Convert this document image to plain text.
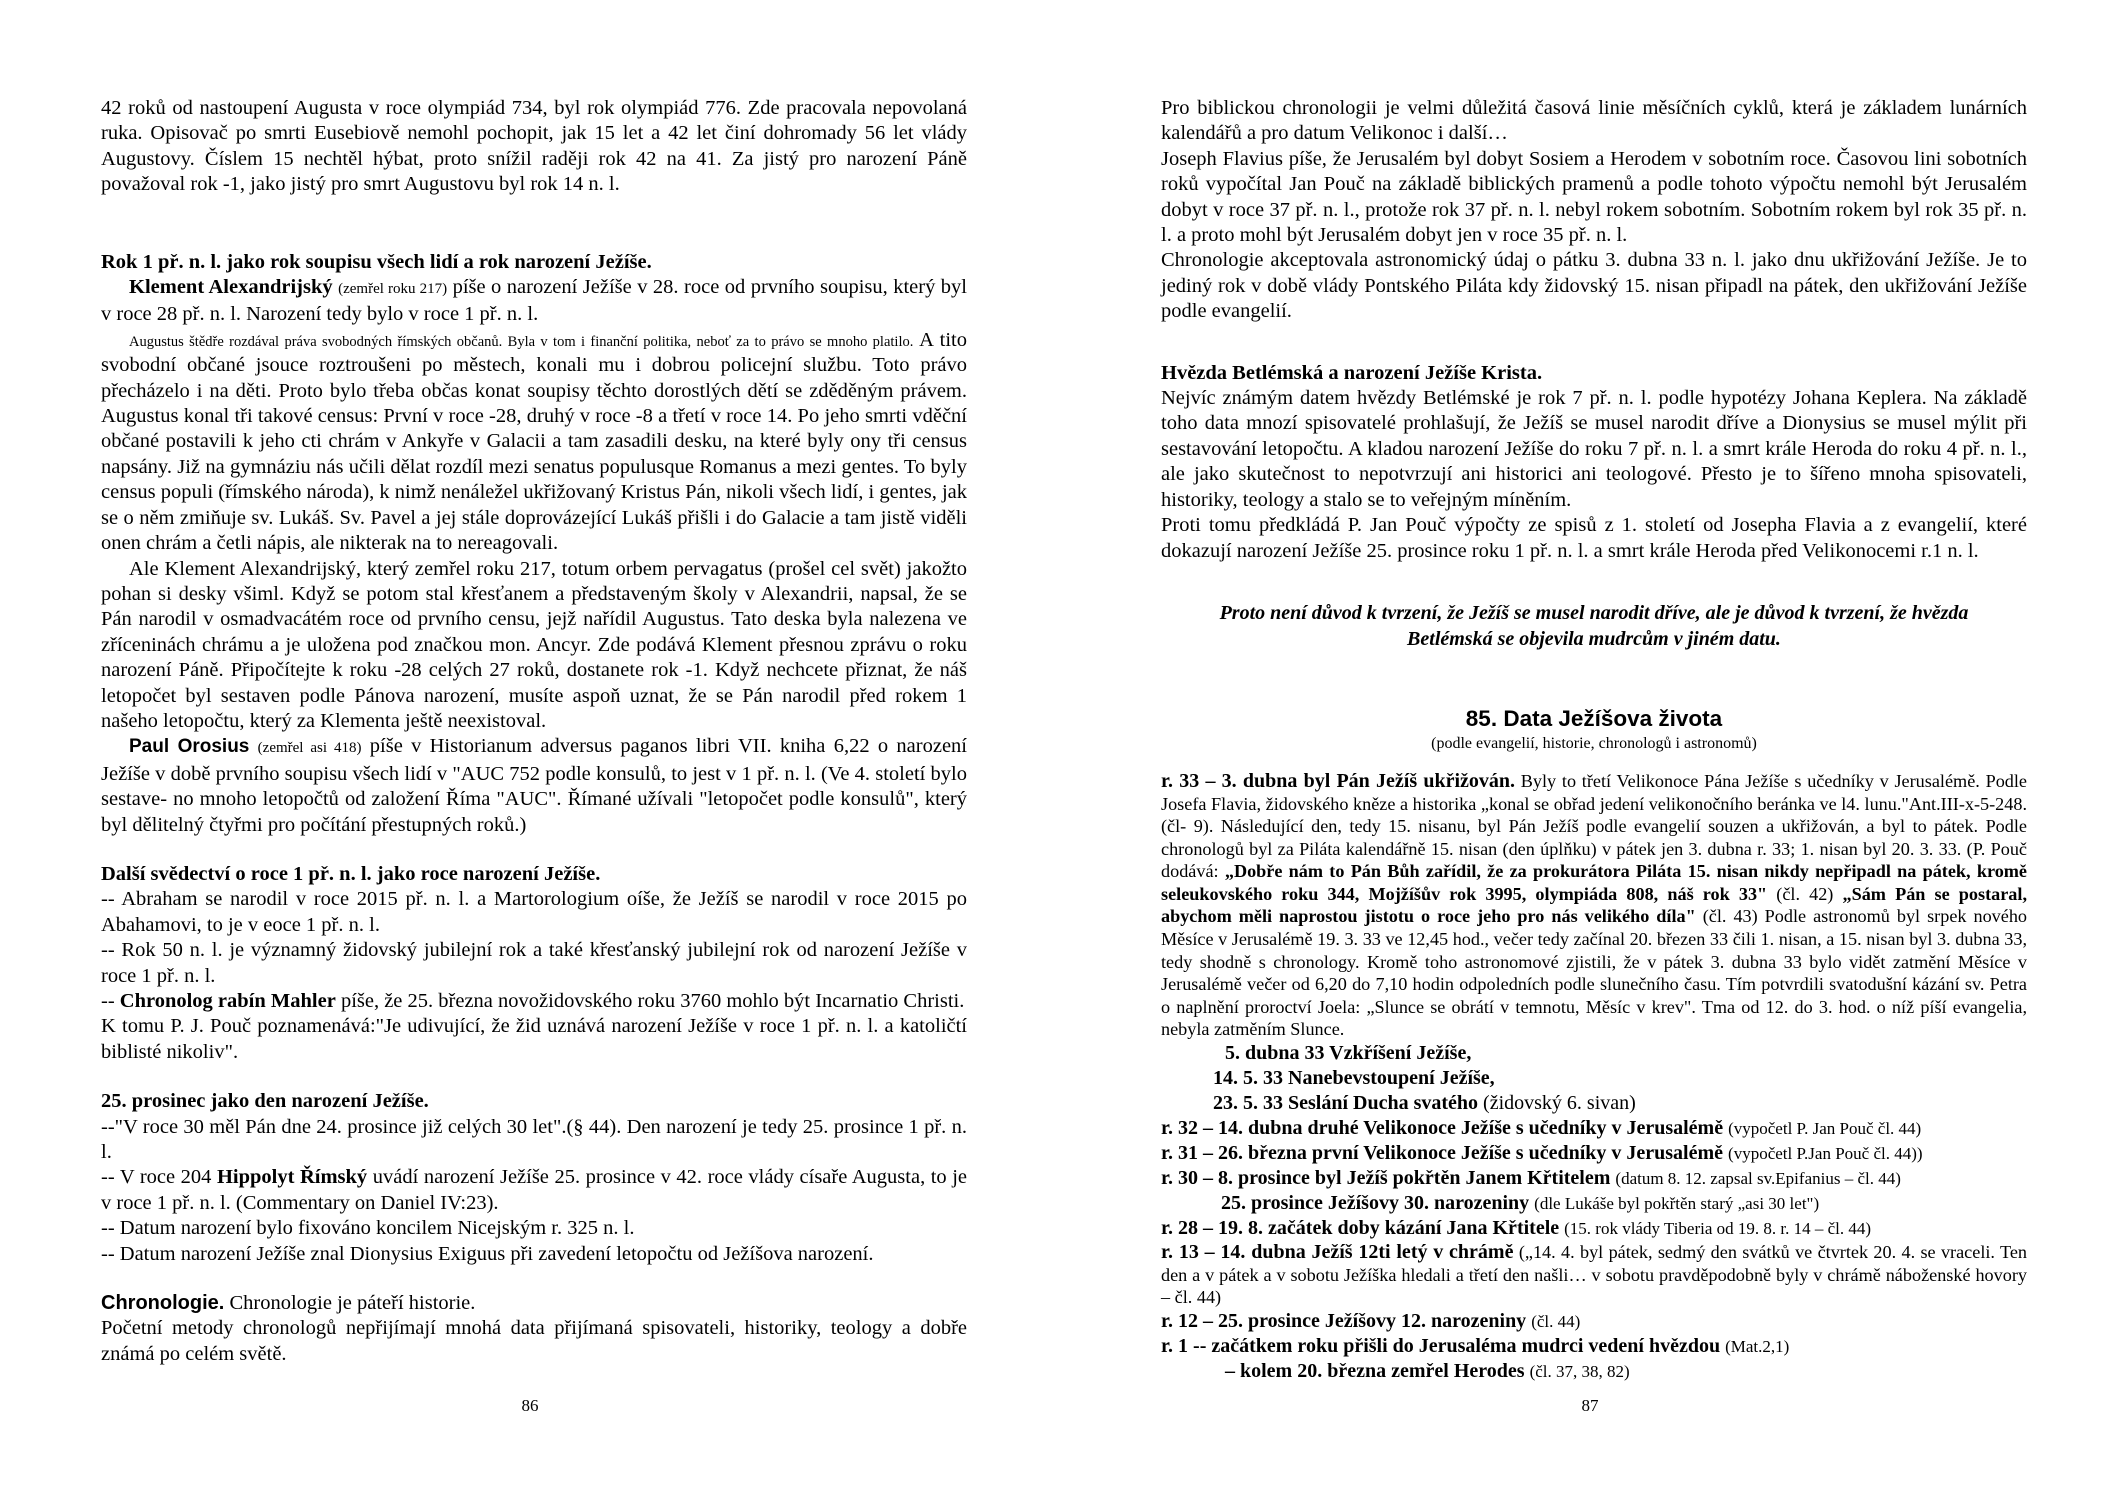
42 roků od nastoupení Augusta v roce olympiád 734, byl rok olympiád 776. Zde pracovala nepovolaná ruka. Opisovač po smrti Eusebiově nemohl pochopit, jak 15 let a 42 let činí dohromady 56 let vlády Augustovy. Číslem 15 nechtěl hýbat, proto snížil raději rok 42 na 41. Za jistý pro narození Páně považoval rok -1, jako jistý pro smrt Augustovu byl rok 14 n. l.

Rok 1 př. n. l. jako rok soupisu všech lidí a rok narození Ježíše.

Klement Alexandrijský (zemřel roku 217) píše o narození Ježíše v 28. roce od prvního soupisu, který byl v roce 28 př. n. l. Narození tedy bylo v roce 1 př. n. l.

Augustus štědře rozdával práva svobodných římských občanů. Byla v tom i finanční politika, neboť za to právo se mnoho platilo. A tito svobodní občané jsouce roztroušeni po městech, konali mu i dobrou policejní službu. Toto právo přecházelo i na děti. Proto bylo třeba občas konat soupisy těchto dorostlých dětí se zděděným právem. Augustus konal tři takové census: První v roce -28, druhý v roce -8 a třetí v roce 14. Po jeho smrti vděční občané postavili k jeho cti chrám v Ankyře v Galacii a tam zasadili desku, na které byly ony tři census napsány. Již na gymnáziu nás učili dělat rozdíl mezi senatus populusque Romanus a mezi gentes. To byly census populi (římského národa), k nimž nenáležel ukřižovaný Kristus Pán, nikoli všech lidí, i gentes, jak se o něm zmiňuje sv. Lukáš. Sv. Pavel a jej stále doprovázející Lukáš přišli i do Galacie a tam jistě viděli onen chrám a četli nápis, ale nikterak na to nereagovali.

Ale Klement Alexandrijský, který zemřel roku 217, totum orbem pervagatus (prošel cel svět) jakožto pohan si desky všiml. Když se potom stal křesťanem a představeným školy v Alexandrii, napsal, že se Pán narodil v osmadvacátém roce od prvního censu, jejž nařídil Augustus. Tato deska byla nalezena ve zříceninách chrámu a je uložena pod značkou mon. Ancyr. Zde podává Klement přesnou zprávu o roku narození Páně. Připočítejte k roku -28 celých 27 roků, dostanete rok -1. Když nechcete přiznat, že náš letopočet byl sestaven podle Pánova narození, musíte aspoň uznat, že se Pán narodil před rokem 1 našeho letopočtu, který za Klementa ještě neexistoval.

Paul Orosius (zemřel asi 418) píše v Historianum adversus paganos libri VII. kniha 6,22 o narození Ježíše v době prvního soupisu všech lidí v "AUC 752 podle konsulů, to jest v 1 př. n. l. (Ve 4. století bylo sestave- no mnoho letopočtů od založení Říma "AUC". Římané užívali "letopočet podle konsulů", který byl dělitelný čtyřmi pro počítání přestupných roků.)

Další svědectví o roce 1 př. n. l. jako roce narození Ježíše.

-- Abraham se narodil v roce 2015 př. n. l. a Martorologium oíše, že Ježíš se narodil v roce 2015 po Abahamovi, to je v eoce 1 př. n. l.

-- Rok 50 n. l. je významný židovský jubilejní rok a také křesťanský jubilejní rok od narození Ježíše v roce 1 př. n. l.

-- Chronolog rabín Mahler píše, že 25. března novožidovského roku 3760 mohlo být Incarnatio Christi.

K tomu P. J. Pouč poznamenává:"Je udivující, že žid uznává narození Ježíše v roce 1 př. n. l. a katoličtí biblisté nikoliv".

25. prosinec jako den narození Ježíše.

--"V roce 30 měl Pán dne 24. prosince již celých 30 let".(§ 44). Den narození je tedy 25. prosince 1 př. n. l.

-- V roce 204 Hippolyt Římský uvádí narození Ježíše 25. prosince v 42. roce vlády císaře Augusta, to je v roce 1 př. n. l. (Commentary on Daniel IV:23).

-- Datum narození bylo fixováno koncilem Nicejským r. 325 n. l.

-- Datum narození Ježíše znal Dionysius Exiguus při zavedení letopočtu od Ježíšova narození.

Chronologie. Chronologie je páteří historie.

Početní metody chronologů nepřijímají mnohá data přijímaná spisovateli, historiky, teology a dobře známá po celém světě.

86

Pro biblickou chronologii je velmi důležitá časová linie měsíčních cyklů, která je základem lunárních kalendářů a pro datum Velikonoc i další…

Joseph Flavius píše, že Jerusalém byl dobyt Sosiem a Herodem v sobotním roce. Časovou lini sobotních roků vypočítal Jan Pouč na základě biblických pramenů a podle tohoto výpočtu nemohl být Jerusalém dobyt v roce 37 př. n. l., protože rok 37 př. n. l. nebyl rokem sobotním. Sobotním rokem byl rok 35 př. n. l. a proto mohl být Jerusalém dobyt jen v roce 35 př. n. l.

Chronologie akceptovala astronomický údaj o pátku 3. dubna 33 n. l. jako dnu ukřižování Ježíše. Je to jediný rok v době vlády Pontského Piláta kdy židovský 15. nisan připadl na pátek, den ukřižování Ježíše podle evangelií.

Hvězda Betlémská a narození Ježíše Krista.

Nejvíc známým datem hvězdy Betlémské je rok 7 př. n. l. podle hypotézy Johana Keplera. Na základě toho data mnozí spisovatelé prohlašují, že Ježíš se musel narodit dříve a Dionysius se musel mýlit při sestavování letopočtu. A kladou narození Ježíše do roku 7 př. n. l. a smrt krále Heroda do roku 4 př. n. l., ale jako skutečnost to nepotvrzují ani historici ani teologové. Přesto je to šířeno mnoha spisovateli, historiky, teology a stalo se to veřejným míněním.

Proti tomu předkládá P. Jan Pouč výpočty ze spisů z 1. století od Josepha Flavia a z evangelií, které dokazují narození Ježíše 25. prosince roku 1 př. n. l. a smrt krále Heroda před Velikonocemi r.1 n. l.

Proto není důvod k tvrzení, že Ježíš se musel narodit dříve, ale je důvod k tvrzení, že hvězda Betlémská se objevila mudrcům v jiném datu.

85. Data Ježíšova života
(podle evangelií, historie, chronologů i astronomů)

r. 33 – 3. dubna byl Pán Ježíš ukřižován. Byly to třetí Velikonoce Pána Ježíše s učedníky v Jerusalémě. Podle Josefa Flavia, židovského kněze a historika „konal se obřad jedení velikonočního beránka ve l4. lunu."Ant.III-x-5-248. (čl- 9). Následující den, tedy 15. nisanu, byl Pán Ježíš podle evangelií souzen a ukřižován, a byl to pátek. Podle chronologů byl za Piláta kalendářně 15. nisan (den úplňku) v pátek jen 3. dubna r. 33; 1. nisan byl 20. 3. 33. (P. Pouč dodává: „Dobře nám to Pán Bůh zařídil, že za prokurátora Piláta 15. nisan nikdy nepřipadl na pátek, kromě seleukovského roku 344, Mojžíšův rok 3995, olympiáda 808, náš rok 33" (čl. 42) „Sám Pán se postaral, abychom měli naprostou jistotu o roce jeho pro nás velikého díla" (čl. 43) Podle astronomů byl srpek nového Měsíce v Jerusalémě 19. 3. 33 ve 12,45 hod., večer tedy začínal 20. březen 33 čili 1. nisan, a 15. nisan byl 3. dubna 33, tedy shodně s chronology. Kromě toho astronomové zjistili, že v pátek 3. dubna 33 bylo vidět zatmění Měsíce v Jerusalémě večer od 6,20 do 7,10 hodin odpoledních podle slunečního času. Tím potvrdili svatodušní kázání sv. Petra o naplnění proroctví Joela: „Slunce se obrátí v temnotu, Měsíc v krev". Tma od 12. do 3. hod. o níž píší evangelia, nebyla zatměním Slunce.

5. dubna 33 Vzkříšení Ježíše,

14. 5. 33 Nanebevstoupení Ježíše,

23. 5. 33 Seslání Ducha svatého (židovský 6. sivan)

r. 32 – 14. dubna druhé Velikonoce Ježíše s učedníky v Jerusalémě (vypočetl P. Jan Pouč čl. 44)

r. 31 – 26. března první Velikonoce Ježíše s učedníky v Jerusalémě (vypočetl P.Jan Pouč čl. 44))

r. 30 – 8. prosince byl Ježíš pokřtěn Janem Křtitelem (datum 8. 12. zapsal sv.Epifanius – čl. 44)

25. prosince Ježíšovy 30. narozeniny (dle Lukáše byl pokřtěn starý „asi 30 let")

r. 28 – 19. 8. začátek doby kázání Jana Křtitele (15. rok vlády Tiberia od 19. 8. r. 14 – čl. 44)

r. 13 – 14. dubna Ježíš 12ti letý v chrámě („14. 4. byl pátek, sedmý den svátků ve čtvrtek 20. 4. se vraceli. Ten den a v pátek a v sobotu Ježíška hledali a třetí den našli… v sobotu pravděpodobně byly v chrámě náboženské hovory – čl. 44)

r. 12 – 25. prosince Ježíšovy 12. narozeniny (čl. 44)

r. 1 -- začátkem roku přišli do Jerusaléma mudrci vedení hvězdou (Mat.2,1)

– kolem 20. března zemřel Herodes (čl. 37, 38, 82)

87
